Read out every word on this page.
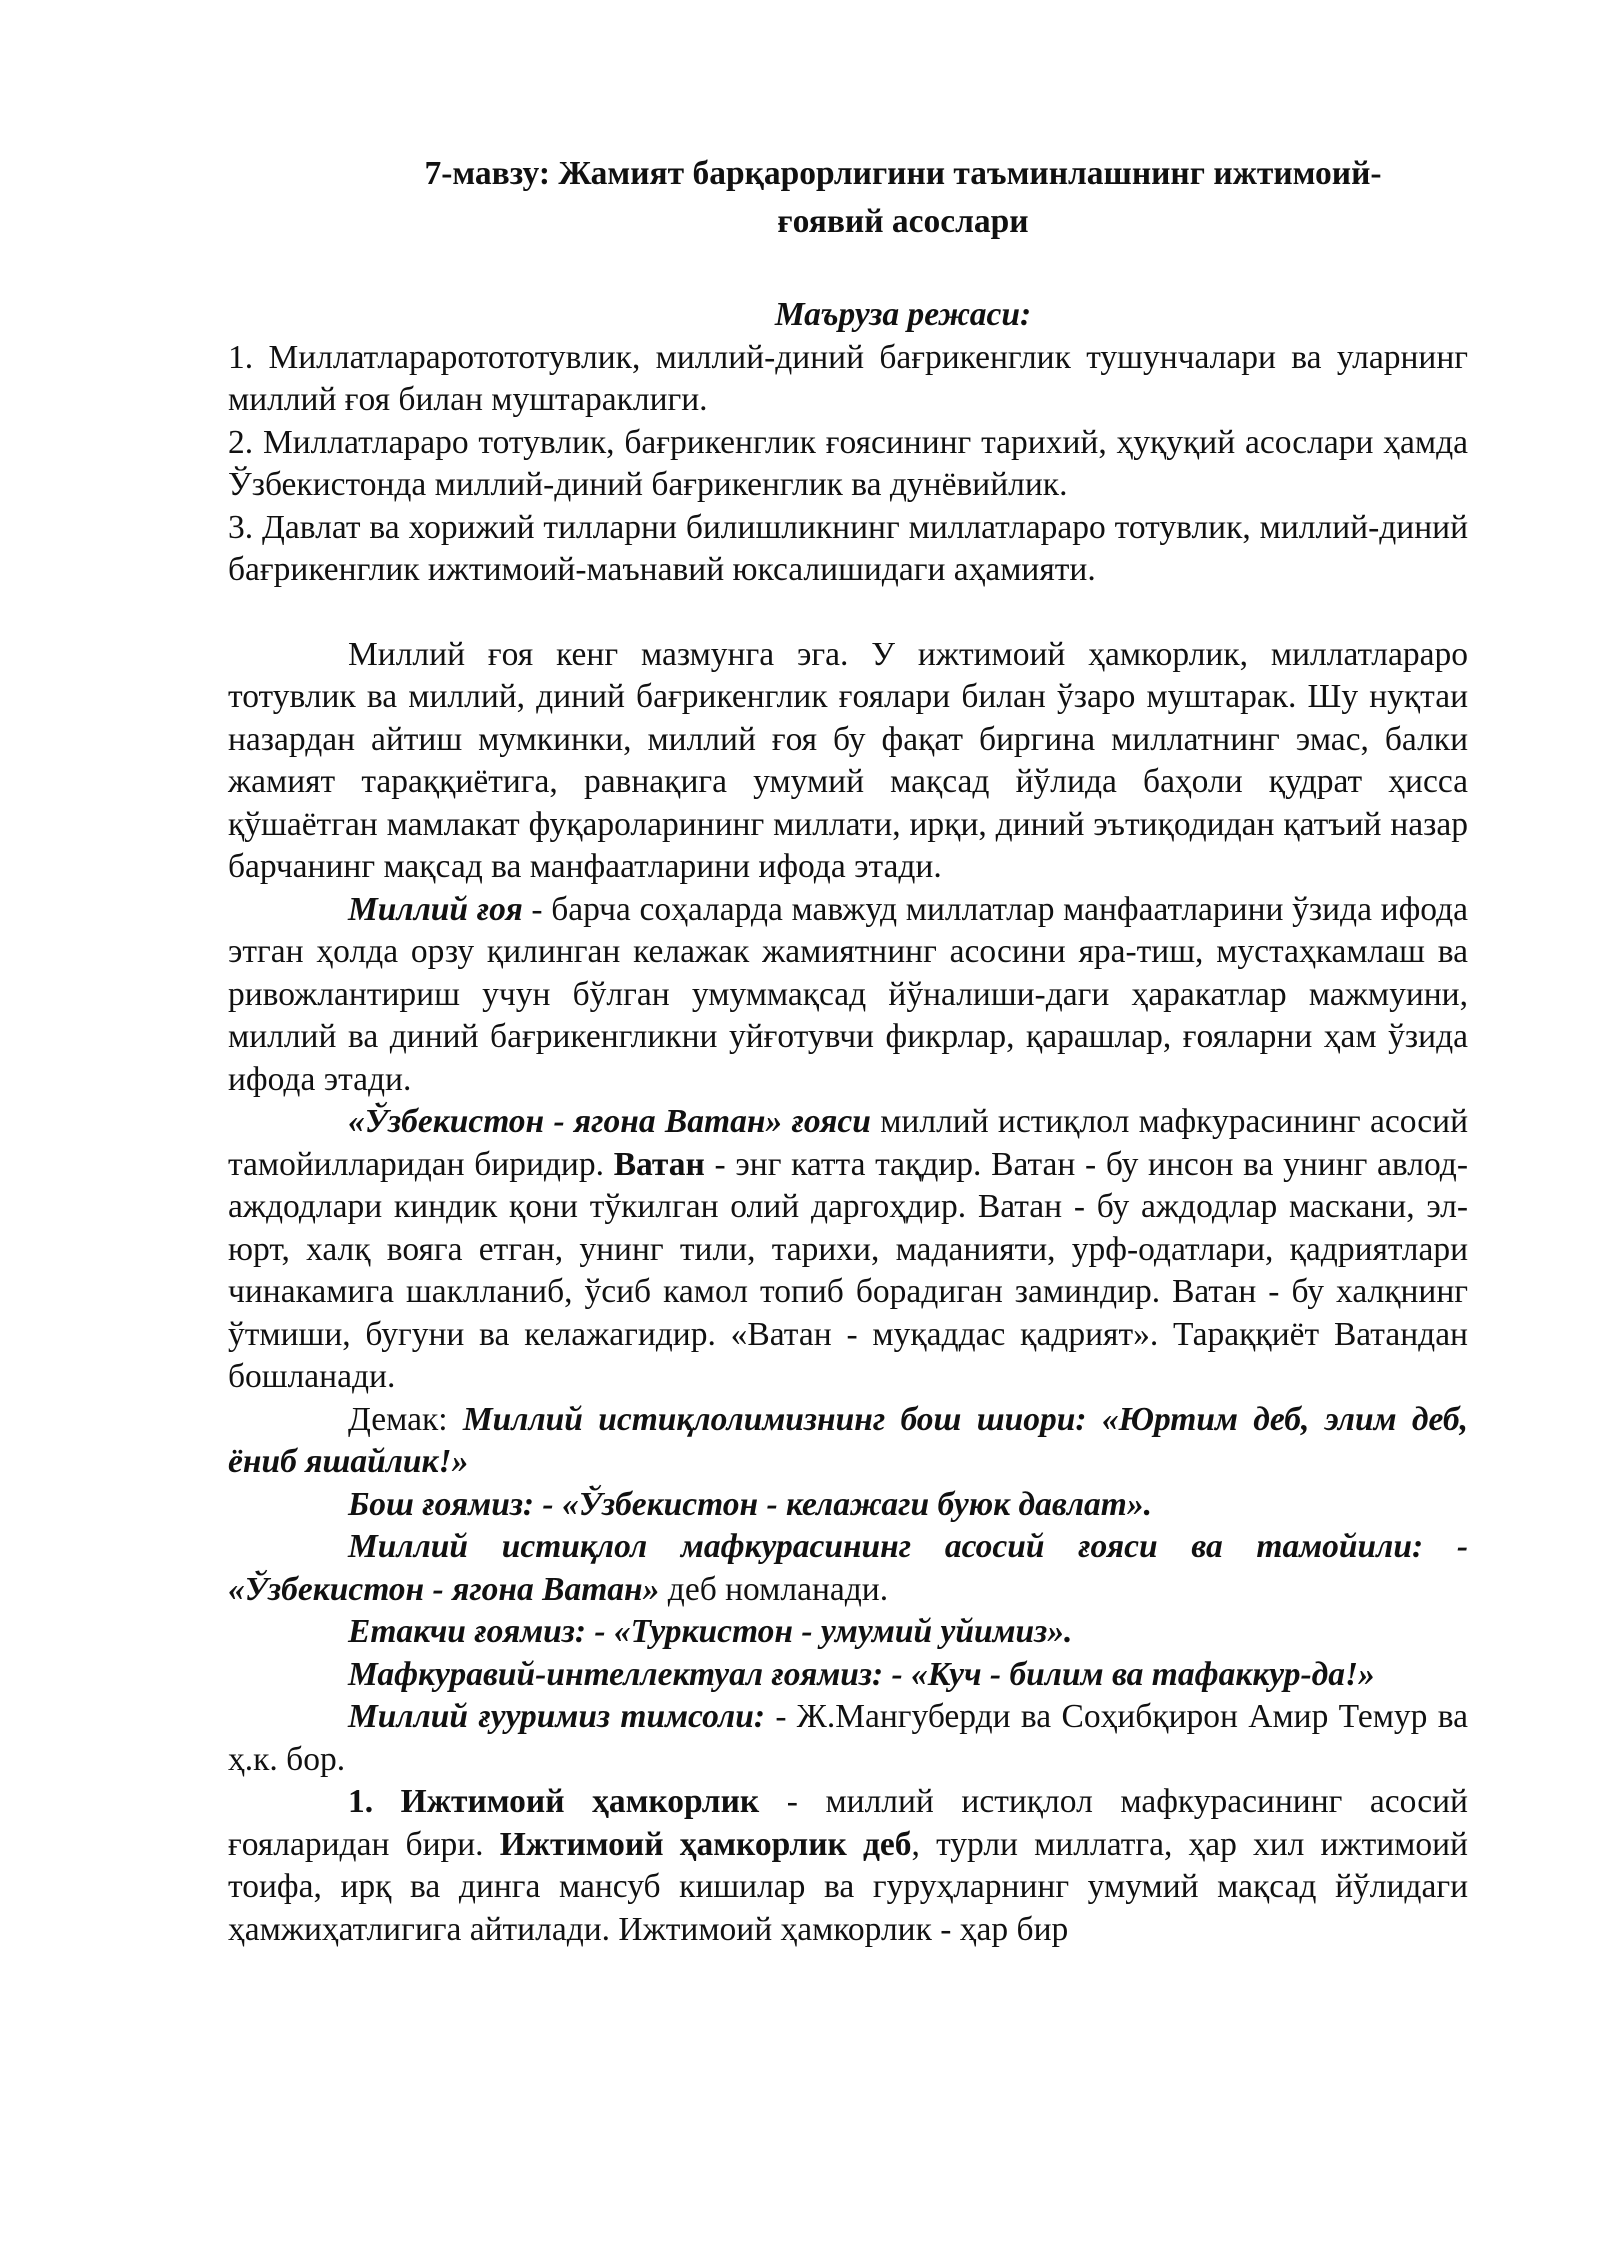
7-мавзу: Жамият барқарорлигини таъминлашнинг ижтимоий-
ғоявий асослари
Маъруза режаси:

1. Миллатлараротототувлик, миллий-диний бағрикенглик тушунчалари ва уларнинг миллий ғоя билан муштараклиги.

2. Миллатлараро тотувлик, бағрикенглик ғоясининг тарихий, ҳуқуқий асослари ҳамда Ўзбекистонда миллий-диний бағрикенглик ва дунёвийлик.

3. Давлат ва хорижий тилларни билишликнинг миллатлараро тотувлик, миллий-диний бағрикенглик ижтимоий-маънавий юксалишидаги аҳамияти.

Миллий ғоя кенг мазмунга эга. У ижтимоий ҳамкорлик, миллатлараро тотувлик ва миллий, диний бағрикенглик ғоялари билан ўзаро муштарак. Шу нуқтаи назардан айтиш мумкинки, миллий ғоя бу фақат биргина миллатнинг эмас, балки жамият тараққиётига, равнақига умумий мақсад йўлида баҳоли қудрат ҳисса қўшаётган мамлакат фуқароларининг миллати, ирқи, диний эътиқодидан қатъий назар барчанинг мақсад ва манфаатларини ифода этади.

Миллий ғоя - барча соҳаларда мавжуд миллатлар манфаатларини ўзида ифода этган ҳолда орзу қилинган келажак жамиятнинг асосини яра-тиш, мустаҳкамлаш ва ривожлантириш учун бўлган умуммақсад йўналиши-даги ҳаракатлар мажмуини, миллий ва диний бағрикенгликни уйғотувчи фикрлар, қарашлар, ғояларни ҳам ўзида ифода этади.

«Ўзбекистон - ягона Ватан» ғояси миллий истиқлол мафкурасининг асосий тамойилларидан биридир. Ватан - энг катта тақдир. Ватан - бу инсон ва унинг авлод-аждодлари киндик қони тўкилган олий даргоҳдир. Ватан - бу аждодлар маскани, эл-юрт, халқ вояга етган, унинг тили, тарихи, маданияти, урф-одатлари, қадриятлари чинакамига шаклланиб, ўсиб камол топиб борадиган заминдир. Ватан - бу халқнинг ўтмиши, бугуни ва келажагидир. «Ватан - муқаддас қадрият». Тараққиёт Ватандан бошланади.

Демак: Миллий истиқлолимизнинг бош шиори: «Юртим деб, элим деб, ёниб яшайлик!»

Бош ғоямиз: - «Ўзбекистон - келажаги буюк давлат».

Миллий истиқлол мафкурасининг асосий ғояси ва тамойили: - «Ўзбекистон - ягона Ватан» деб номланади.

Етакчи ғоямиз: - «Туркистон - умумий уйимиз».

Мафкуравий-интеллектуал ғоямиз: - «Куч - билим ва тафаккур-да!»

Миллий ғууримиз тимсоли: - Ж.Мангуберди ва Соҳибқирон Амир Темур ва ҳ.к. бор.

1. Ижтимоий ҳамкорлик - миллий истиқлол мафкурасининг асосий ғояларидан бири. Ижтимоий ҳамкорлик деб, турли миллатга, ҳар хил ижтимоий тоифа, ирқ ва динга мансуб кишилар ва гуруҳларнинг умумий мақсад йўлидаги ҳамжиҳатлигига айтилади. Ижтимоий ҳамкорлик - ҳар бир
